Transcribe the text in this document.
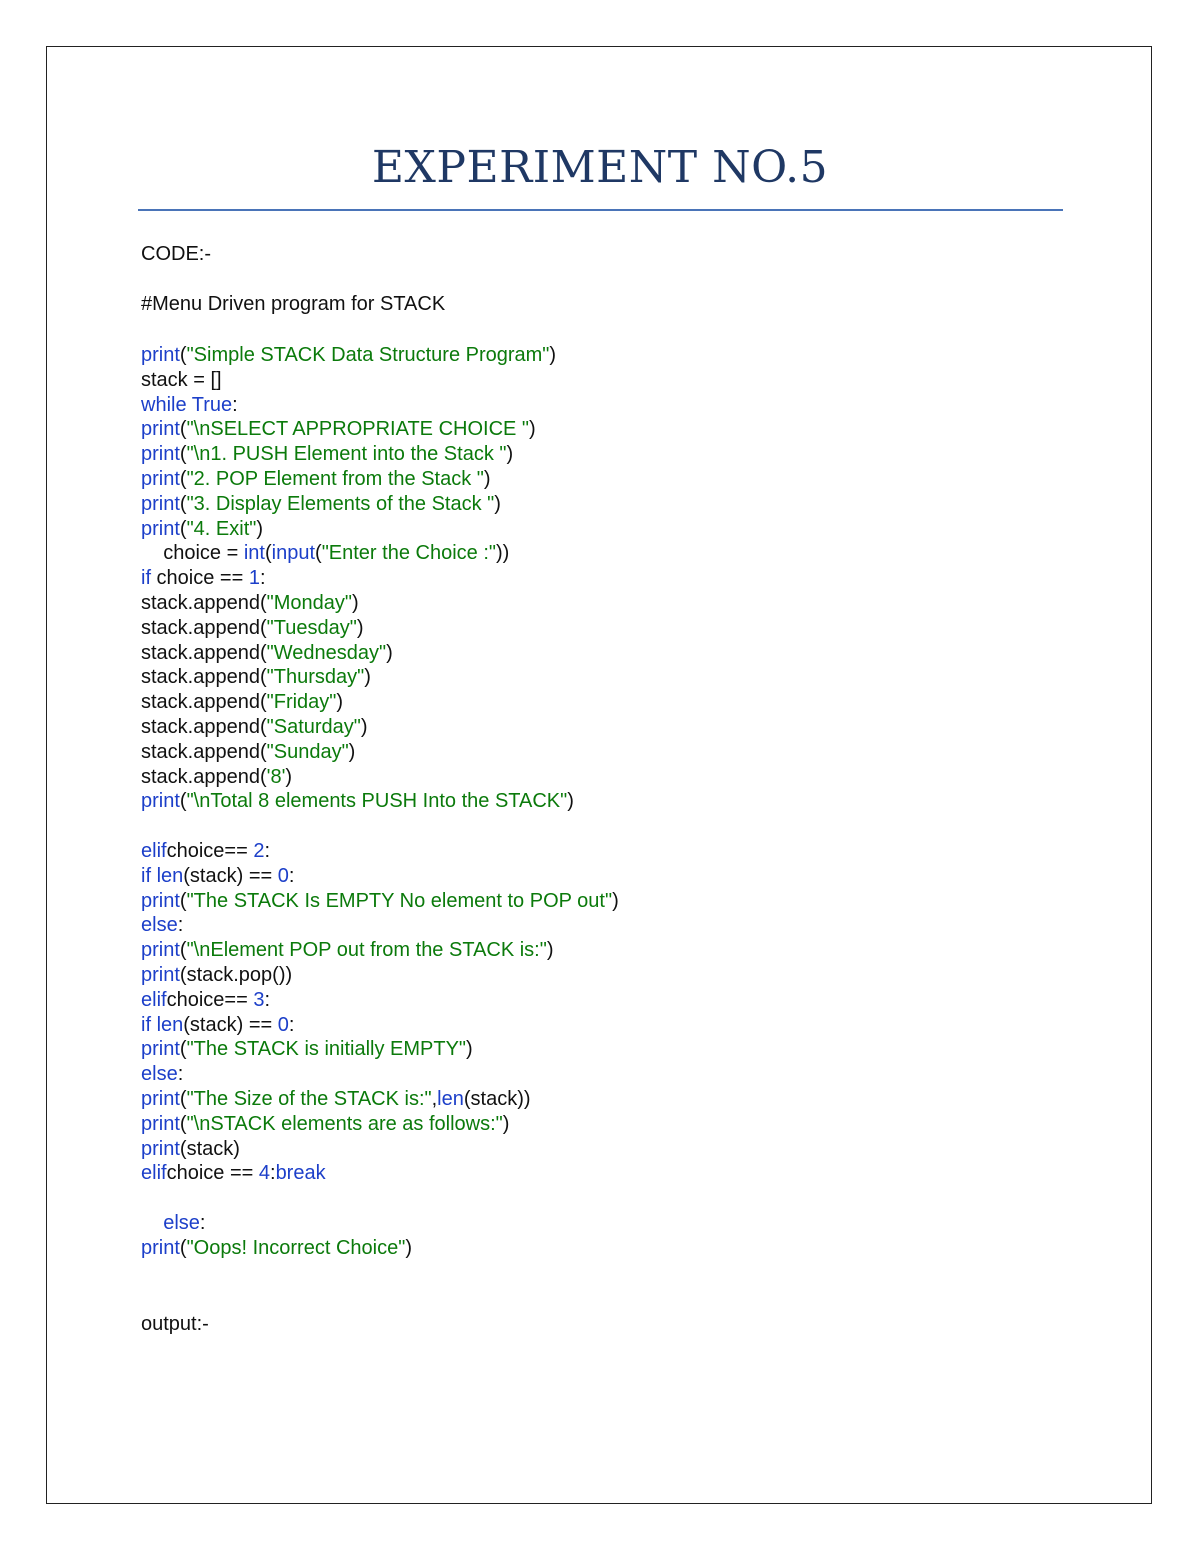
EXPERIMENT NO.5
CODE:-
#Menu Driven program for STACK
print("Simple STACK Data Structure Program")
stack = []
while True:
print("\nSELECT APPROPRIATE CHOICE ")
print("\n1. PUSH Element into the Stack ")
print("2. POP Element from the Stack ")
print("3. Display Elements of the Stack ")
print("4. Exit")
choice = int(input("Enter the Choice :"))
if choice == 1:
stack.append("Monday")
stack.append("Tuesday")
stack.append("Wednesday")
stack.append("Thursday")
stack.append("Friday")
stack.append("Saturday")
stack.append("Sunday")
stack.append('8')
print("\nTotal 8 elements PUSH Into the STACK")
elifchoice== 2:
if len(stack) == 0:
print("The STACK Is EMPTY No element to POP out")
else:
print("\nElement POP out from the STACK is:")
print(stack.pop())
elifchoice== 3:
if len(stack) == 0:
print("The STACK is initially EMPTY")
else:
print("The Size of the STACK is:",len(stack))
print("\nSTACK elements are as follows:")
print(stack)
elifchoice == 4:break
else:
print("Oops! Incorrect Choice")
output:-
